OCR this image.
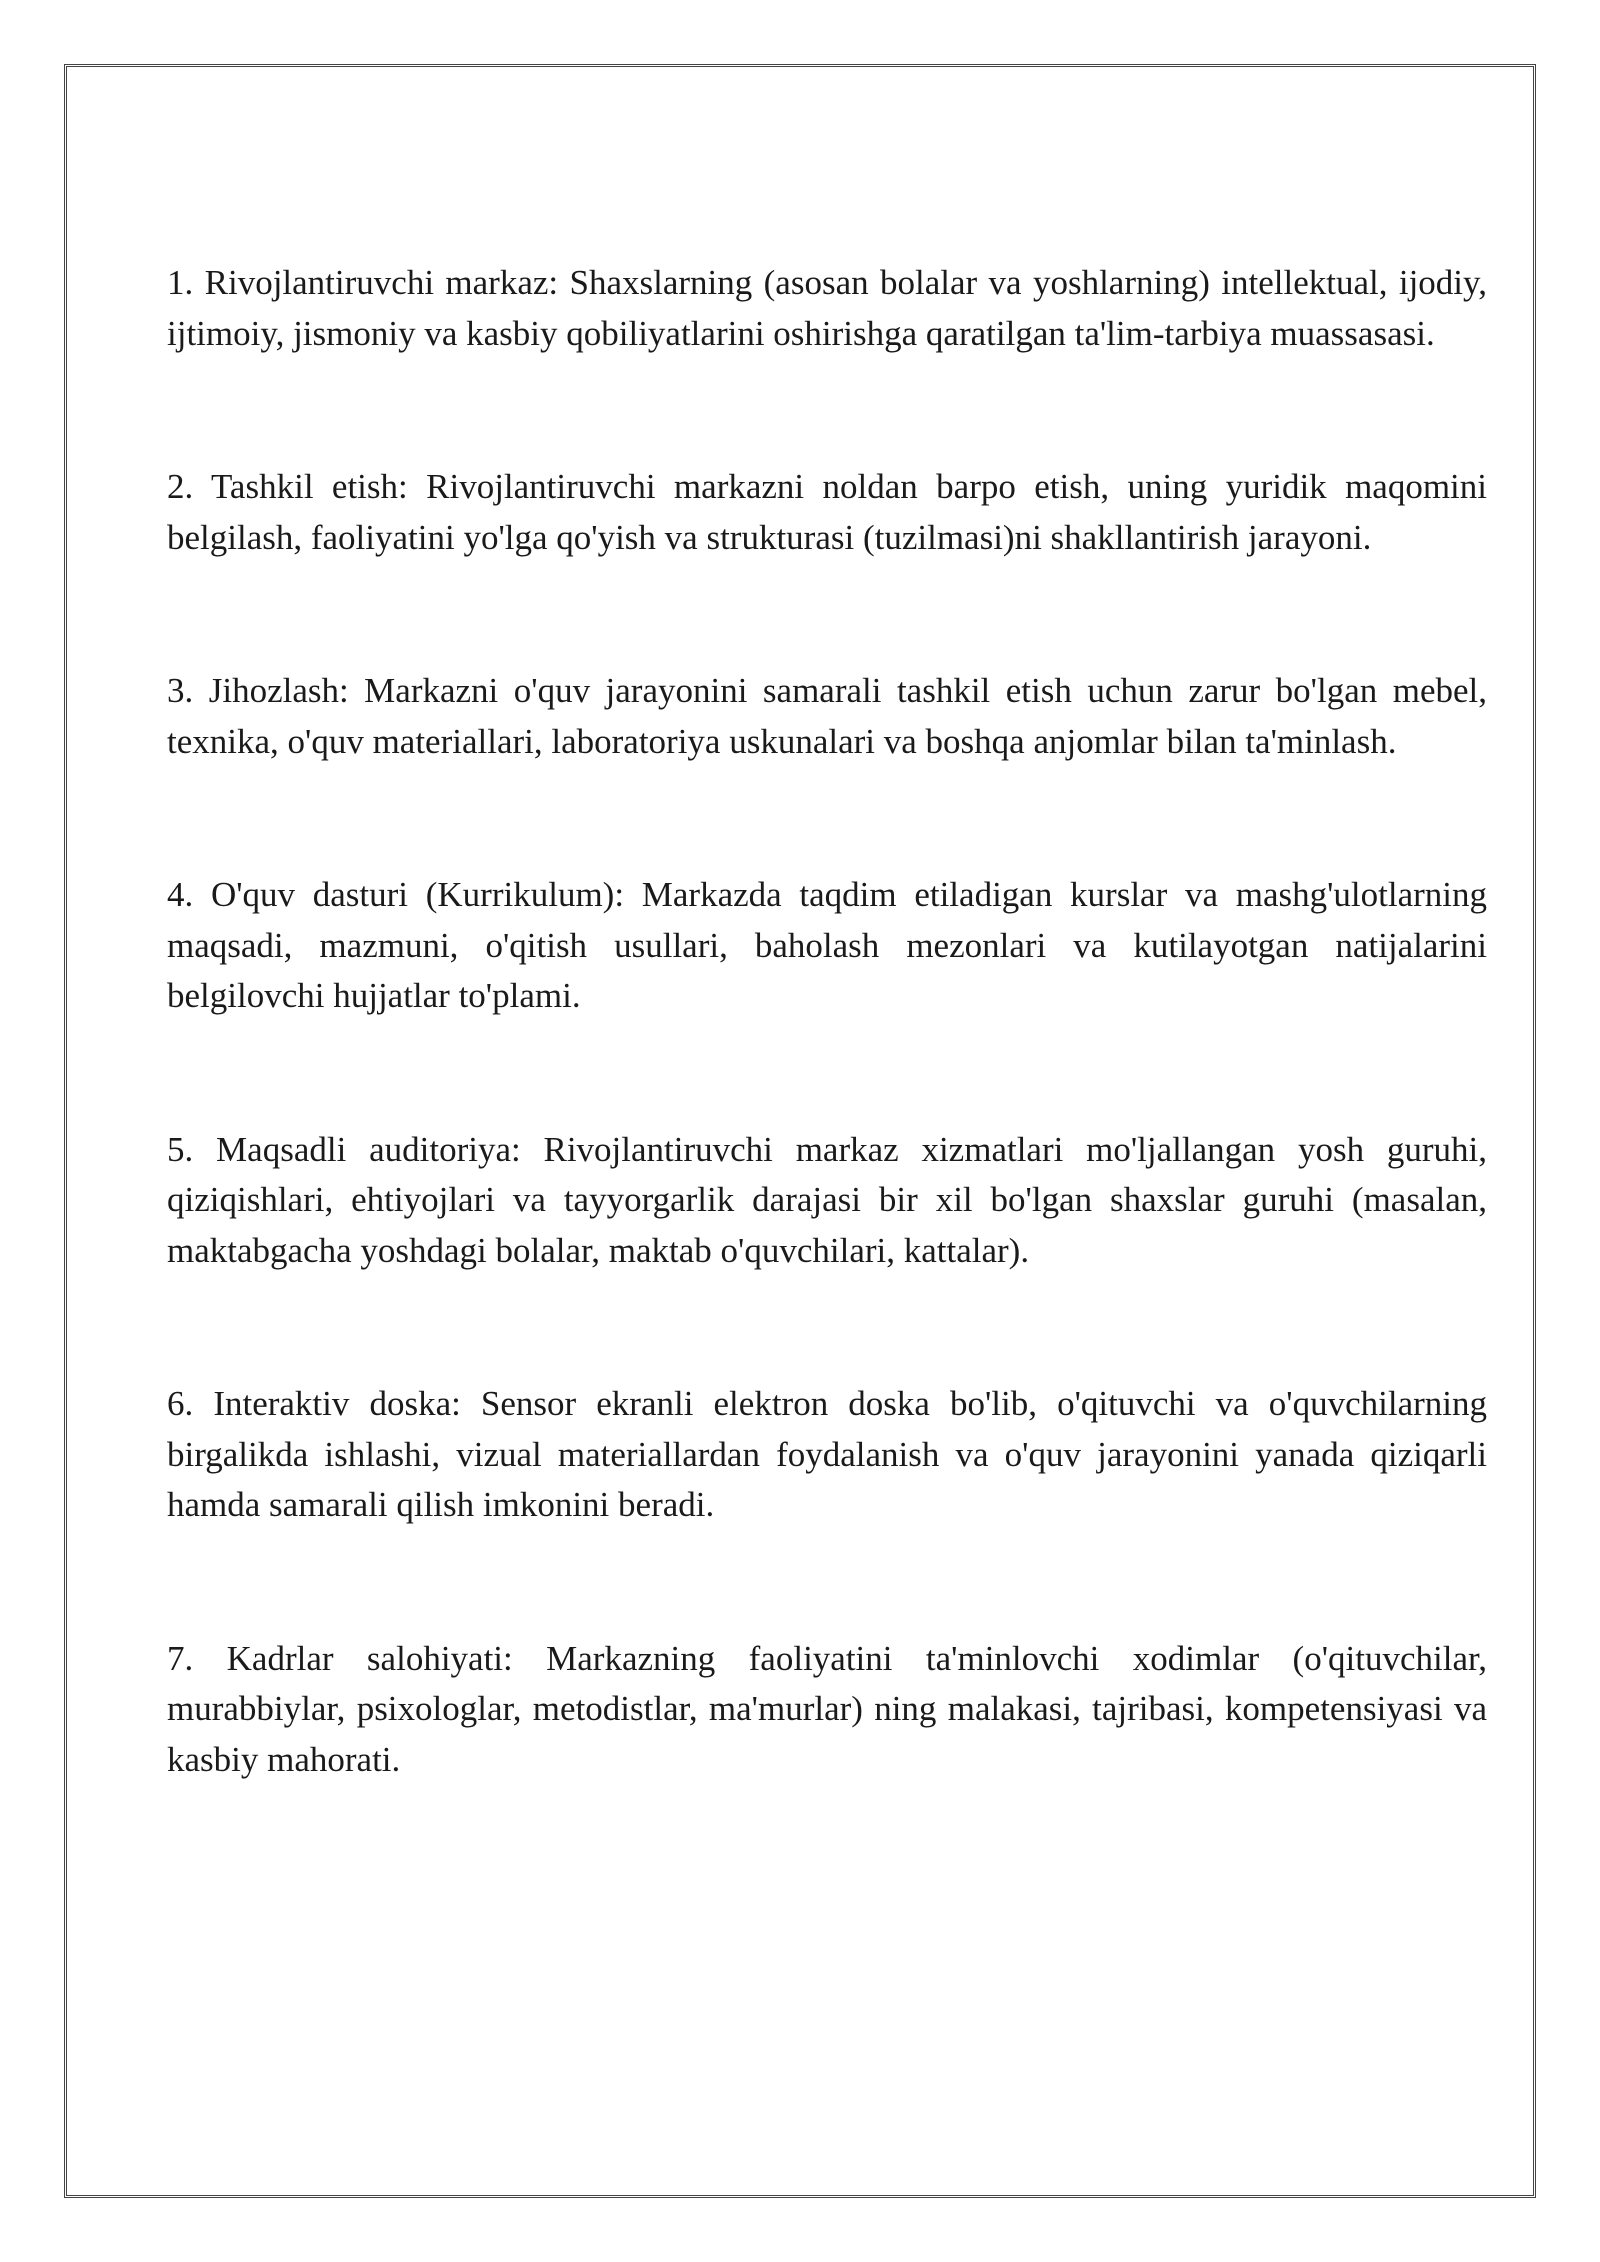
1. Rivojlantiruvchi markaz: Shaxslarning (asosan bolalar va yoshlarning) intellektual, ijodiy, ijtimoiy, jismoniy va kasbiy qobiliyatlarini oshirishga qaratilgan ta'lim-tarbiya muassasasi.

2. Tashkil etish: Rivojlantiruvchi markazni noldan barpo etish, uning yuridik maqomini belgilash, faoliyatini yo'lga qo'yish va strukturasi (tuzilmasi)ni shakllantirish jarayoni.

3. Jihozlash: Markazni o'quv jarayonini samarali tashkil etish uchun zarur bo'lgan mebel, texnika, o'quv materiallari, laboratoriya uskunalari va boshqa anjomlar bilan ta'minlash.

4. O'quv dasturi (Kurrikulum): Markazda taqdim etiladigan kurslar va mashg'ulotlarning maqsadi, mazmuni, o'qitish usullari, baholash mezonlari va kutilayotgan natijalarini belgilovchi hujjatlar to'plami.

5. Maqsadli auditoriya: Rivojlantiruvchi markaz xizmatlari mo'ljallangan yosh guruhi, qiziqishlari, ehtiyojlari va tayyorgarlik darajasi bir xil bo'lgan shaxslar guruhi (masalan, maktabgacha yoshdagi bolalar, maktab o'quvchilari, kattalar).

6. Interaktiv doska: Sensor ekranli elektron doska bo'lib, o'qituvchi va o'quvchilarning birgalikda ishlashi, vizual materiallardan foydalanish va o'quv jarayonini yanada qiziqarli hamda samarali qilish imkonini beradi.

7. Kadrlar salohiyati: Markazning faoliyatini ta'minlovchi xodimlar (o'qituvchilar, murabbiylar, psixologlar, metodistlar, ma'murlar) ning malakasi, tajribasi, kompetensiyasi va kasbiy mahorati.
